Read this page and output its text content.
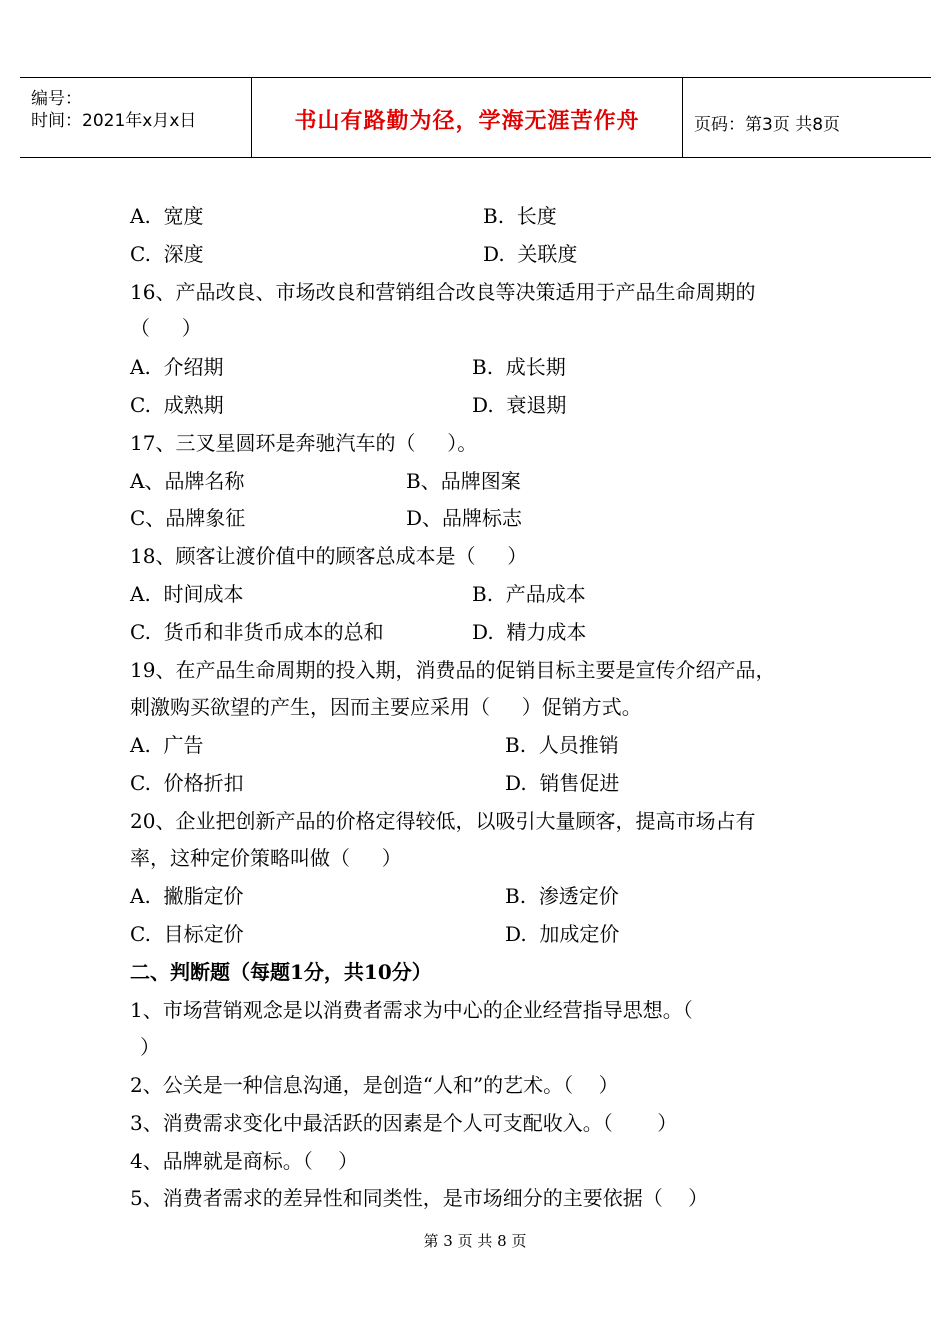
编号：
时间：2021年x月x日	书山有路勤为径，学海无涯苦作舟	页码：第3页 共8页
A.  宽度	B.  长度
C.  深度	D.  关联度
16、产品改良、市场改良和营销组合改良等决策适用于产品生命周期的
（     ）
A.  介绍期	B.  成长期
C.  成熟期	D.  衰退期
17、三叉星圆环是奔驰汽车的（     ）。
A、品牌名称	B、品牌图案
C、品牌象征	D、品牌标志
18、顾客让渡价值中的顾客总成本是（     ）
A.  时间成本	B.  产品成本
C.  货币和非货币成本的总和	D.  精力成本
19、在产品生命周期的投入期，消费品的促销目标主要是宣传介绍产品，
刺激购买欲望的产生，因而主要应采用（     ）促销方式。
A.  广告	B.  人员推销
C.  价格折扣	D.  销售促进
20、企业把创新产品的价格定得较低，以吸引大量顾客，提高市场占有
率，这种定价策略叫做（     ）
A.  撇脂定价	B.  渗透定价
C.  目标定价	D.  加成定价
二、判断题（每题1分，共10分）
1、市场营销观念是以消费者需求为中心的企业经营指导思想。（
）
2、公关是一种信息沟通，是创造“人和”的艺术。（    ）
3、消费需求变化中最活跃的因素是个人可支配收入。（       ）
4、品牌就是商标。（    ）
5、消费者需求的差异性和同类性，是市场细分的主要依据（    ）
第 3 页 共 8 页
